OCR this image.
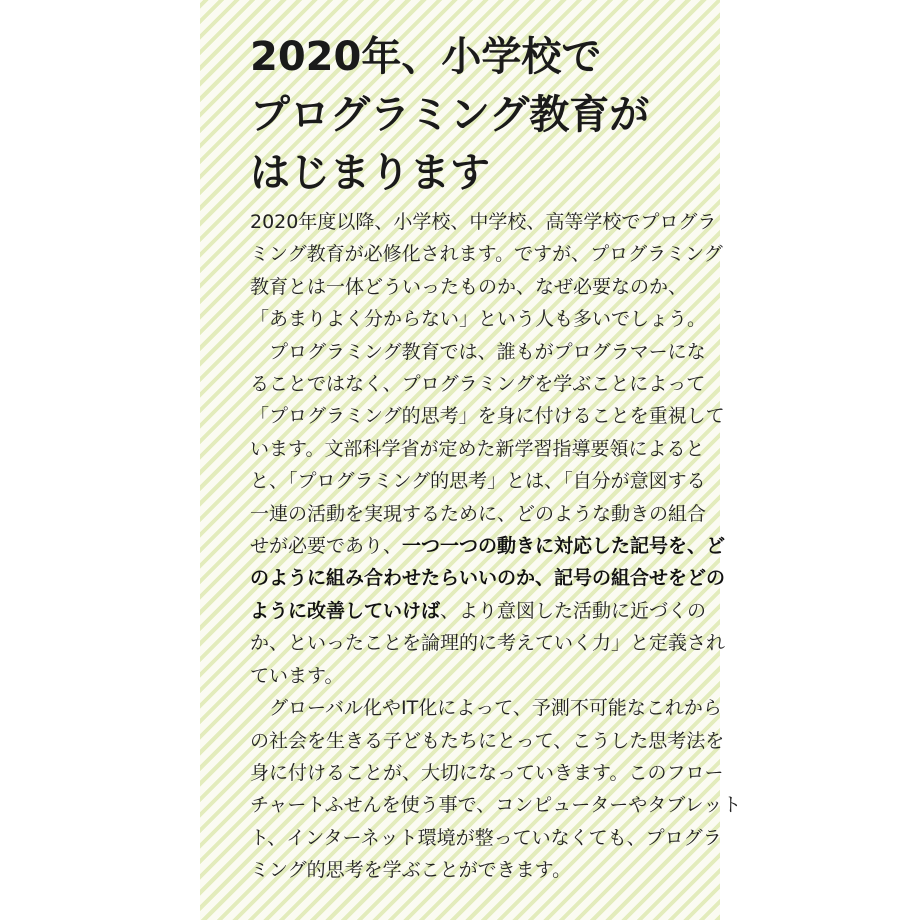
2020年、小学校で
プログラミング教育が
はじまります

2020年度以降、小学校、中学校、高等学校でプログラ
ミング教育が必修化されます。ですが、プログラミング
教育とは一体どういったものか、なぜ必要なのか、
「あまりよく分からない」という人も多いでしょう。

プログラミング教育では、誰もがプログラマーにな
ることではなく、プログラミングを学ぶことによって
「プログラミング的思考」を身に付けることを重視して
います。文部科学省が定めた新学習指導要領によると
と、「プログラミング的思考」とは、「自分が意図する
一連の活動を実現するために、どのような動きの組合
せが必要であり、一つ一つの動きに対応した記号を、ど
のように組み合わせたらいいのか、記号の組合せをどの
ように改善していけば、より意図した活動に近づくの
か、といったことを論理的に考えていく力」と定義され
ています。

グローバル化やIT化によって、予測不可能なこれから
の社会を生きる子どもたちにとって、こうした思考法を
身に付けることが、大切になっていきます。このフロー
チャートふせんを使う事で、コンピューターやタブレット
ト、インターネット環境が整っていなくても、プログラ
ミング的思考を学ぶことができます。
